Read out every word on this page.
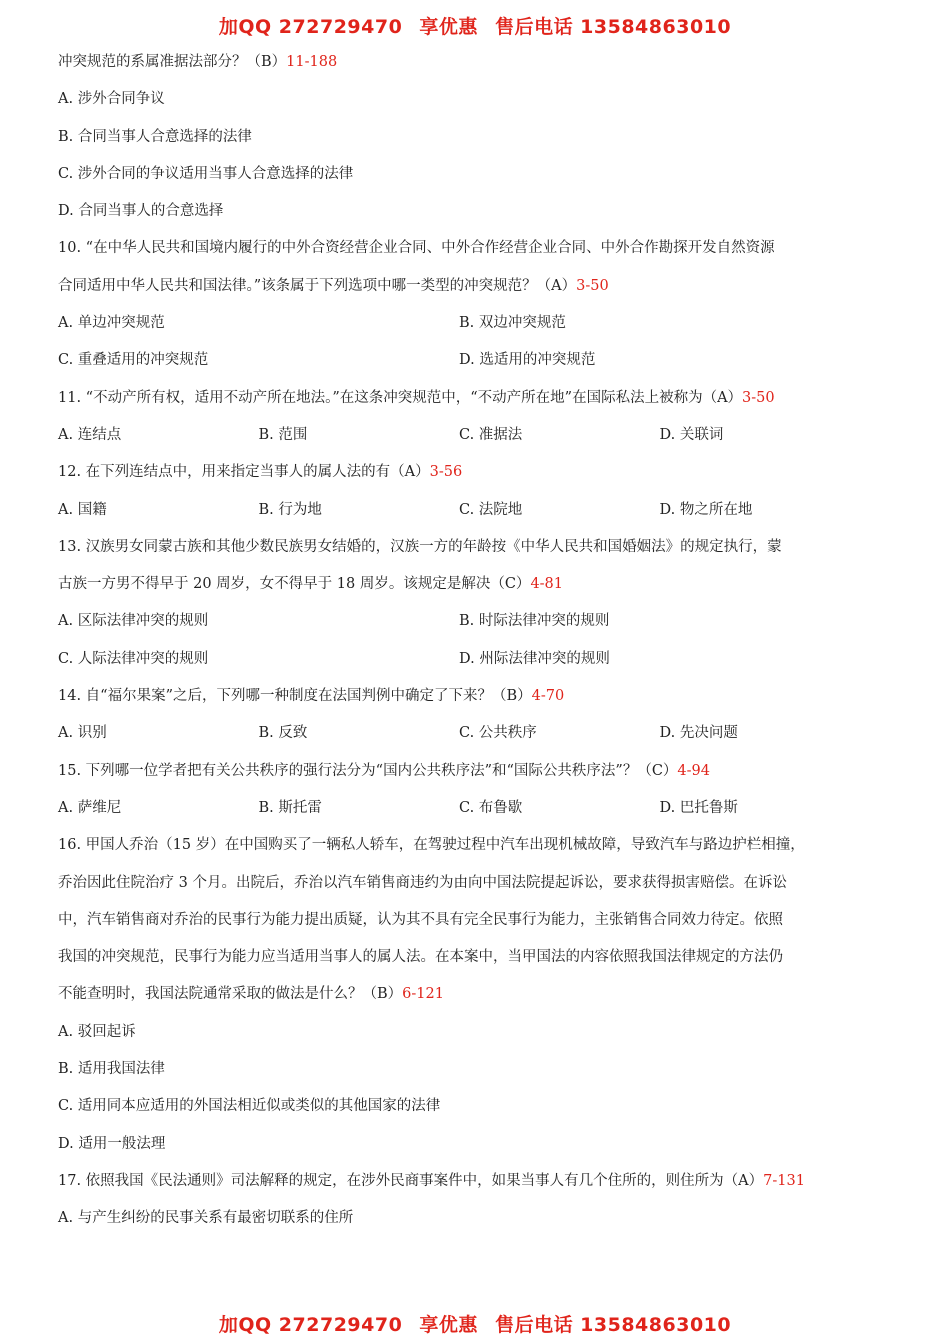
加QQ 272729470 享优惠 售后电话 13584863010
冲突规范的系属准据法部分？（B）11-188
A. 涉外合同争议
B. 合同当事人合意选择的法律
C. 涉外合同的争议适用当事人合意选择的法律
D. 合同当事人的合意选择
10. “在中华人民共和国境内履行的中外合资经营企业合同、中外合作经营企业合同、中外合作勘探开发自然资源
合同适用中华人民共和国法律。”该条属于下列选项中哪一类型的冲突规范？（A）3-50
A. 单边冲突规范	B. 双边冲突规范
C. 重叠适用的冲突规范	D. 选适用的冲突规范
11. “不动产所有权，适用不动产所在地法。”在这条冲突规范中，“不动产所在地”在国际私法上被称为（A）3-50
A. 连结点	B. 范围	C. 准据法	D. 关联词
12. 在下列连结点中，用来指定当事人的属人法的有（A）3-56
A. 国籍	B. 行为地	C. 法院地	D. 物之所在地
13. 汉族男女同蒙古族和其他少数民族男女结婚的，汉族一方的年龄按《中华人民共和国婚姻法》的规定执行，蒙
古族一方男不得早于 20 周岁，女不得早于 18 周岁。该规定是解决（C）4-81
A. 区际法律冲突的规则	B. 时际法律冲突的规则
C. 人际法律冲突的规则	D. 州际法律冲突的规则
14. 自“福尔果案”之后，下列哪一种制度在法国判例中确定了下来？（B）4-70
A. 识别	B. 反致	C. 公共秩序	D. 先决问题
15. 下列哪一位学者把有关公共秩序的强行法分为“国内公共秩序法”和“国际公共秩序法”？（C）4-94
A. 萨维尼	B. 斯托雷	C. 布鲁歇	D. 巴托鲁斯
16. 甲国人乔治（15 岁）在中国购买了一辆私人轿车，在驾驶过程中汽车出现机械故障，导致汽车与路边护栏相撞，
乔治因此住院治疗 3 个月。出院后，乔治以汽车销售商违约为由向中国法院提起诉讼，要求获得损害赔偿。在诉讼
中，汽车销售商对乔治的民事行为能力提出质疑，认为其不具有完全民事行为能力，主张销售合同效力待定。依照
我国的冲突规范，民事行为能力应当适用当事人的属人法。在本案中，当甲国法的内容依照我国法律规定的方法仍
不能查明时，我国法院通常采取的做法是什么？（B）6-121
A. 驳回起诉
B. 适用我国法律
C. 适用同本应适用的外国法相近似或类似的其他国家的法律
D. 适用一般法理
17. 依照我国《民法通则》司法解释的规定，在涉外民商事案件中，如果当事人有几个住所的，则住所为（A）7-131
A. 与产生纠纷的民事关系有最密切联系的住所
加QQ 272729470 享优惠 售后电话 13584863010
